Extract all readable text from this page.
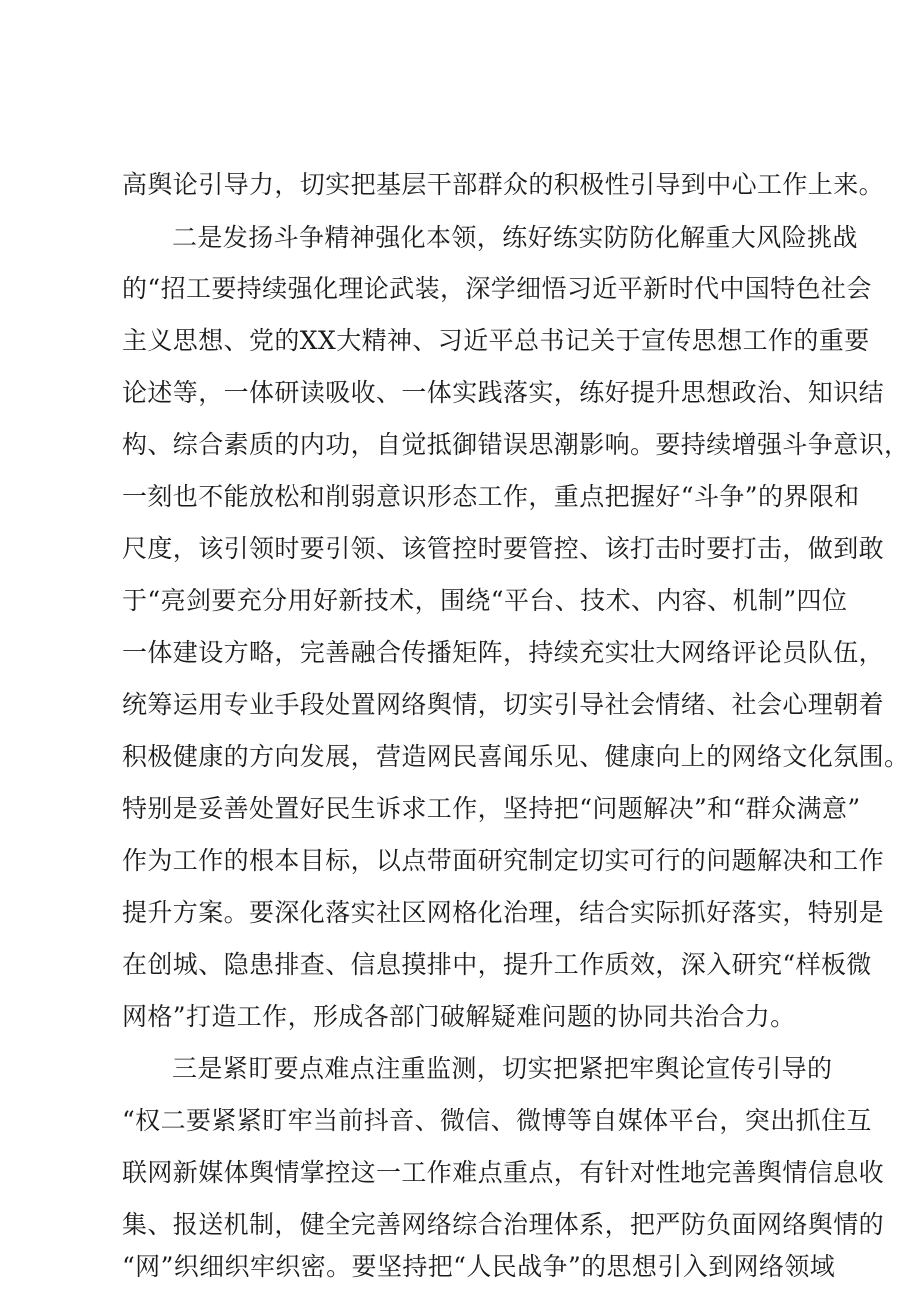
高舆论引导力，切实把基层干部群众的积极性引导到中心工作上来。
二是发扬斗争精神强化本领，练好练实防防化解重大风险挑战
的“招工要持续强化理论武装，深学细悟习近平新时代中国特色社会
主义思想、党的XX大精神、习近平总书记关于宣传思想工作的重要
论述等，一体研读吸收、一体实践落实，练好提升思想政治、知识结
构、综合素质的内功，自觉抵御错误思潮影响。要持续增强斗争意识，
一刻也不能放松和削弱意识形态工作，重点把握好“斗争”的界限和
尺度，该引领时要引领、该管控时要管控、该打击时要打击，做到敢
于“亮剑要充分用好新技术，围绕“平台、技术、内容、机制”四位
一体建设方略，完善融合传播矩阵，持续充实壮大网络评论员队伍，
统筹运用专业手段处置网络舆情，切实引导社会情绪、社会心理朝着
积极健康的方向发展，营造网民喜闻乐见、健康向上的网络文化氛围。
特别是妥善处置好民生诉求工作，坚持把“问题解决”和“群众满意”
作为工作的根本目标，以点带面研究制定切实可行的问题解决和工作
提升方案。要深化落实社区网格化治理，结合实际抓好落实，特别是
在创城、隐患排查、信息摸排中，提升工作质效，深入研究“样板微
网格”打造工作，形成各部门破解疑难问题的协同共治合力。
三是紧盯要点难点注重监测，切实把紧把牢舆论宣传引导的
“权二要紧紧盯牢当前抖音、微信、微博等自媒体平台，突出抓住互
联网新媒体舆情掌控这一工作难点重点，有针对性地完善舆情信息收
集、报送机制，健全完善网络综合治理体系，把严防负面网络舆情的
“网”织细织牢织密。要坚持把“人民战争”的思想引入到网络领域
